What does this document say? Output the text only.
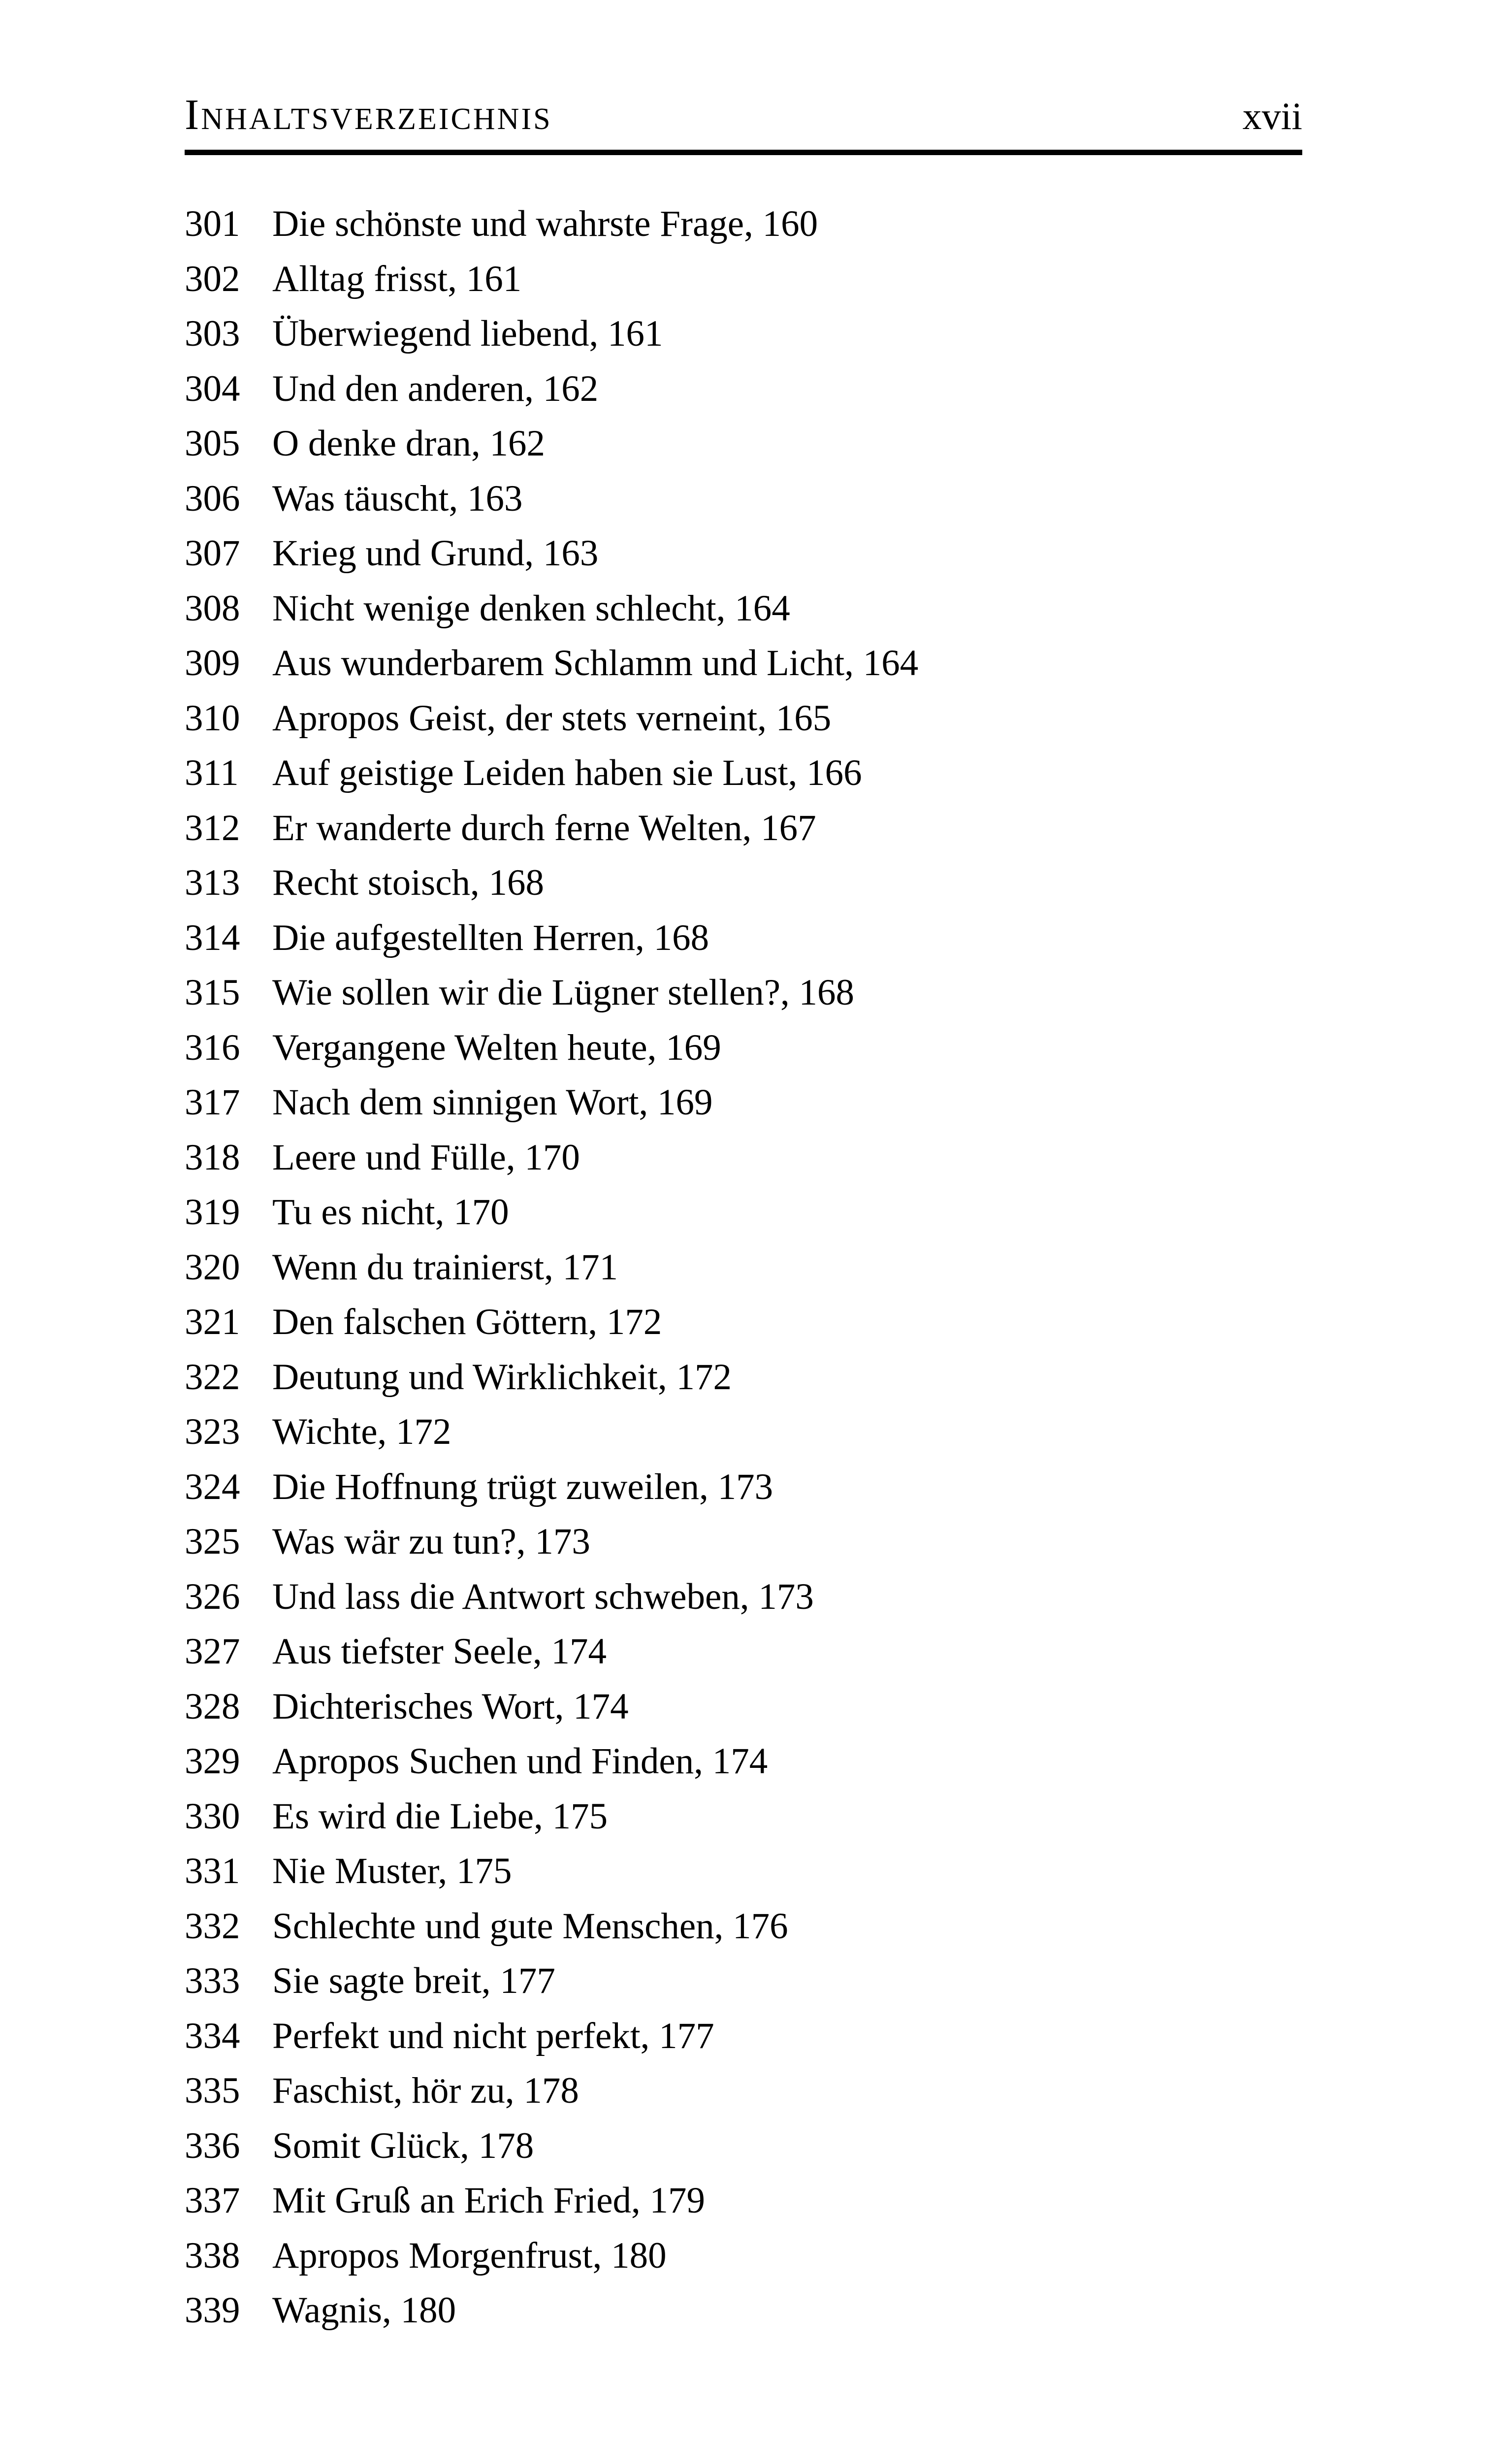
Inhaltsverzeichnis	xvii
301 Die schönste und wahrste Frage, 160
302 Alltag frisst, 161
303 Überwiegend liebend, 161
304 Und den anderen, 162
305 O denke dran, 162
306 Was täuscht, 163
307 Krieg und Grund, 163
308 Nicht wenige denken schlecht, 164
309 Aus wunderbarem Schlamm und Licht, 164
310 Apropos Geist, der stets verneint, 165
311 Auf geistige Leiden haben sie Lust, 166
312 Er wanderte durch ferne Welten, 167
313 Recht stoisch, 168
314 Die aufgestellten Herren, 168
315 Wie sollen wir die Lügner stellen?, 168
316 Vergangene Welten heute, 169
317 Nach dem sinnigen Wort, 169
318 Leere und Fülle, 170
319 Tu es nicht, 170
320 Wenn du trainierst, 171
321 Den falschen Göttern, 172
322 Deutung und Wirklichkeit, 172
323 Wichte, 172
324 Die Hoffnung trügt zuweilen, 173
325 Was wär zu tun?, 173
326 Und lass die Antwort schweben, 173
327 Aus tiefster Seele, 174
328 Dichterisches Wort, 174
329 Apropos Suchen und Finden, 174
330 Es wird die Liebe, 175
331 Nie Muster, 175
332 Schlechte und gute Menschen, 176
333 Sie sagte breit, 177
334 Perfekt und nicht perfekt, 177
335 Faschist, hör zu, 178
336 Somit Glück, 178
337 Mit Gruß an Erich Fried, 179
338 Apropos Morgenfrust, 180
339 Wagnis, 180
